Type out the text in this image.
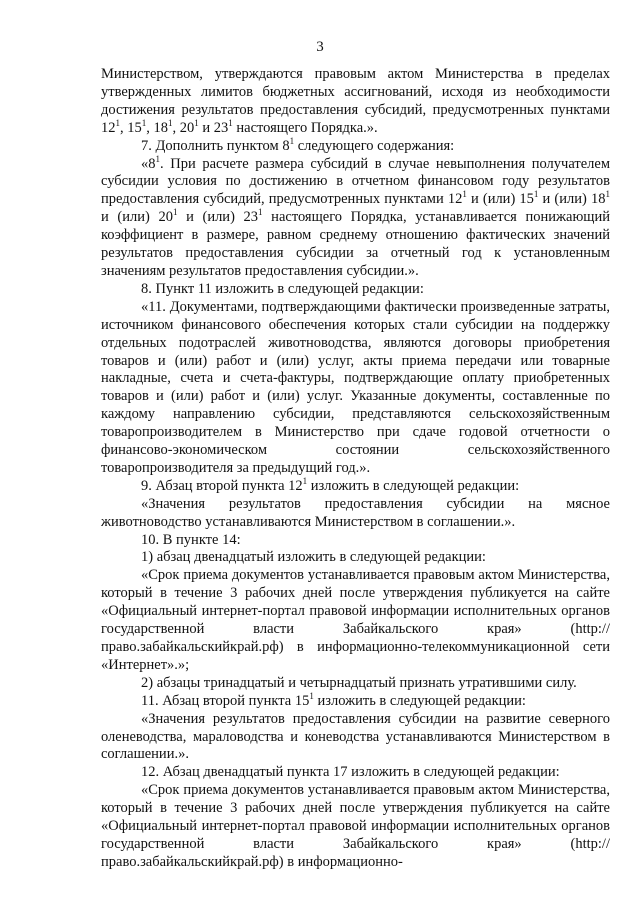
3

Министерством, утверждаются правовым актом Министерства в пределах утвержденных лимитов бюджетных ассигнований, исходя из необходимости достижения результатов предоставления субсидий, предусмотренных пунктами $12^1$, $15^1$, $18^1$, $20^1$ и $23^1$ настоящего Порядка.».

7. Дополнить пунктом $8^1$ следующего содержания:

«$8^1$. При расчете размера субсидий в случае невыполнения получателем субсидии условия по достижению в отчетном финансовом году результатов предоставления субсидий, предусмотренных пунктами $12^1$ и (или) $15^1$ и (или) $18^1$ и (или) $20^1$ и (или) $23^1$ настоящего Порядка, устанавливается понижающий коэффициент в размере, равном среднему отношению фактических значений результатов предоставления субсидии за отчетный год к установленным значениям результатов предоставления субсидии.».

8. Пункт 11 изложить в следующей редакции:

«11. Документами, подтверждающими фактически произведенные затраты, источником финансового обеспечения которых стали субсидии на поддержку отдельных подотраслей животноводства, являются договоры приобретения товаров и (или) работ и (или) услуг, акты приема передачи или товарные накладные, счета и счета-фактуры, подтверждающие оплату приобретенных товаров и (или) работ и (или) услуг. Указанные документы, составленные по каждому направлению субсидии, представляются сельскохозяйственным товаропроизводителем в Министерство при сдаче годовой отчетности о финансово-экономическом состоянии сельскохозяйственного товаропроизводителя за предыдущий год.».

9. Абзац второй пункта $12^1$ изложить в следующей редакции:

«Значения результатов предоставления субсидии на мясное животноводство устанавливаются Министерством в соглашении.».

10. В пункте 14:

1) абзац двенадцатый изложить в следующей редакции:

«Срок приема документов устанавливается правовым актом Министерства, который в течение 3 рабочих дней после утверждения публикуется на сайте «Официальный интернет-портал правовой информации исполнительных органов государственной власти Забайкальского края» (http://право.забайкальскийкрай.рф) в информационно-телекоммуникационной сети «Интернет».»;

2) абзацы тринадцатый и четырнадцатый признать утратившими силу.

11. Абзац второй пункта $15^1$ изложить в следующей редакции:

«Значения результатов предоставления субсидии на развитие северного оленеводства, мараловодства и коневодства устанавливаются Министерством в соглашении.».

12. Абзац двенадцатый пункта 17 изложить в следующей редакции:

«Срок приема документов устанавливается правовым актом Министерства, который в течение 3 рабочих дней после утверждения публикуется на сайте «Официальный интернет-портал правовой информации исполнительных органов государственной власти Забайкальского края» (http://право.забайкальскийкрай.рф) в информационно-
